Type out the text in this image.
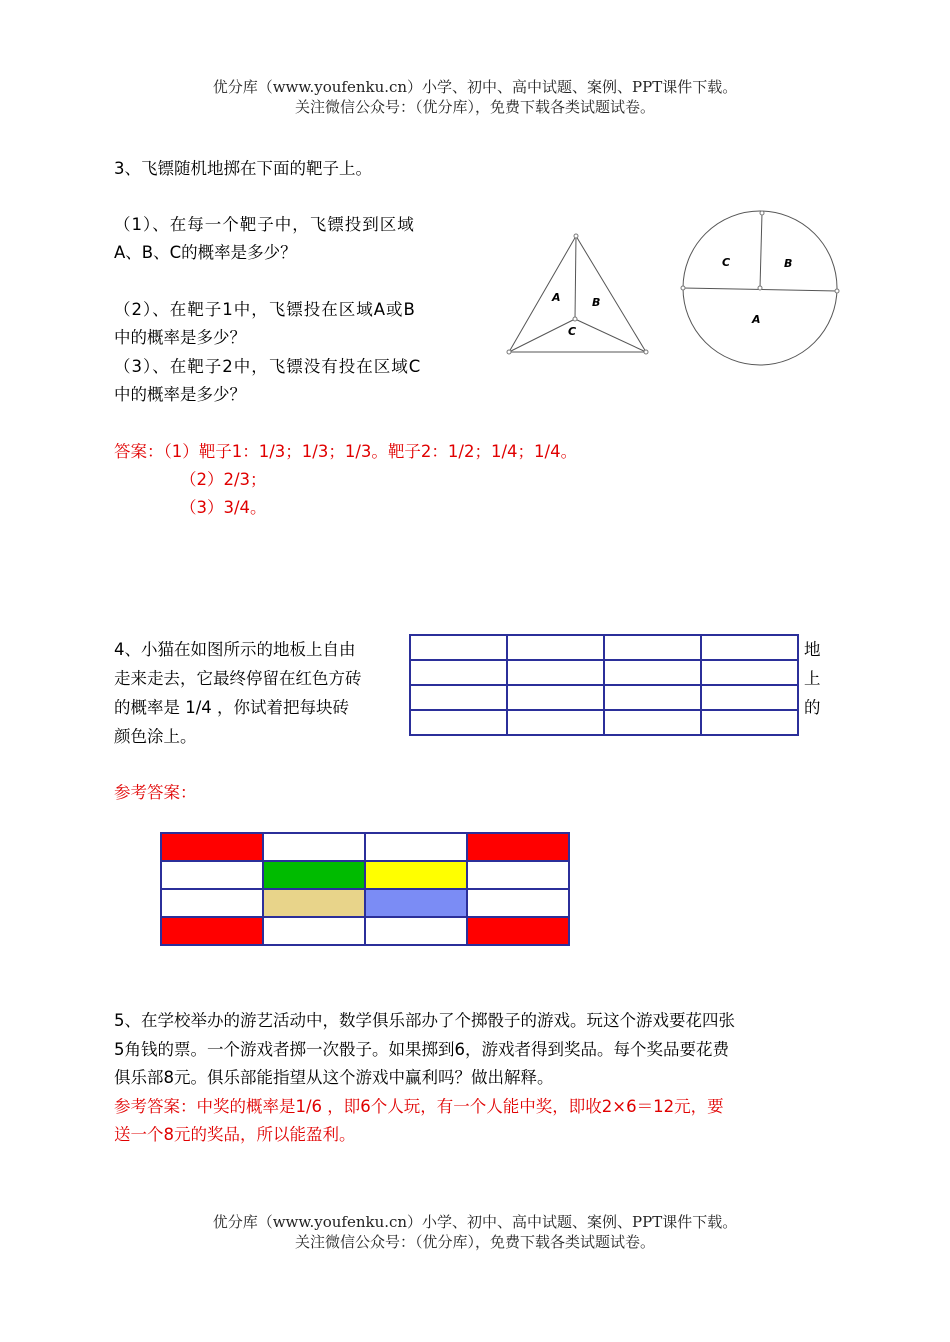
优分库（www.youfenku.cn）小学、初中、高中试题、案例、PPT课件下载。
关注微信公众号：（优分库），免费下载各类试题试卷。
3、飞镖随机地掷在下面的靶子上。
（1）、在每一个靶子中，飞镖投到区域
A、B、C的概率是多少？
（2）、在靶子1中，飞镖投在区域A或B
中的概率是多少？
（3）、在靶子2中，飞镖没有投在区域C
中的概率是多少？
A	B
C
C	B
A
答案：（1）靶子1：1/3；1/3；1/3。靶子2：1/2；1/4；1/4。
（2）2/3；
（3）3/4。
4、小猫在如图所示的地板上自由
走来走去，它最终停留在红色方砖
的概率是 1/4 ，你试着把每块砖
颜色涂上。

地
上
的
参考答案：

5、在学校举办的游艺活动中，数学俱乐部办了个掷骰子的游戏。玩这个游戏要花四张
5角钱的票。一个游戏者掷一次骰子。如果掷到6，游戏者得到奖品。每个奖品要花费
俱乐部8元。俱乐部能指望从这个游戏中赢利吗？做出解释。
参考答案：中奖的概率是1/6 ，即6个人玩，有一个人能中奖，即收2×6＝12元，要
送一个8元的奖品，所以能盈利。
优分库（www.youfenku.cn）小学、初中、高中试题、案例、PPT课件下载。
关注微信公众号：（优分库），免费下载各类试题试卷。
